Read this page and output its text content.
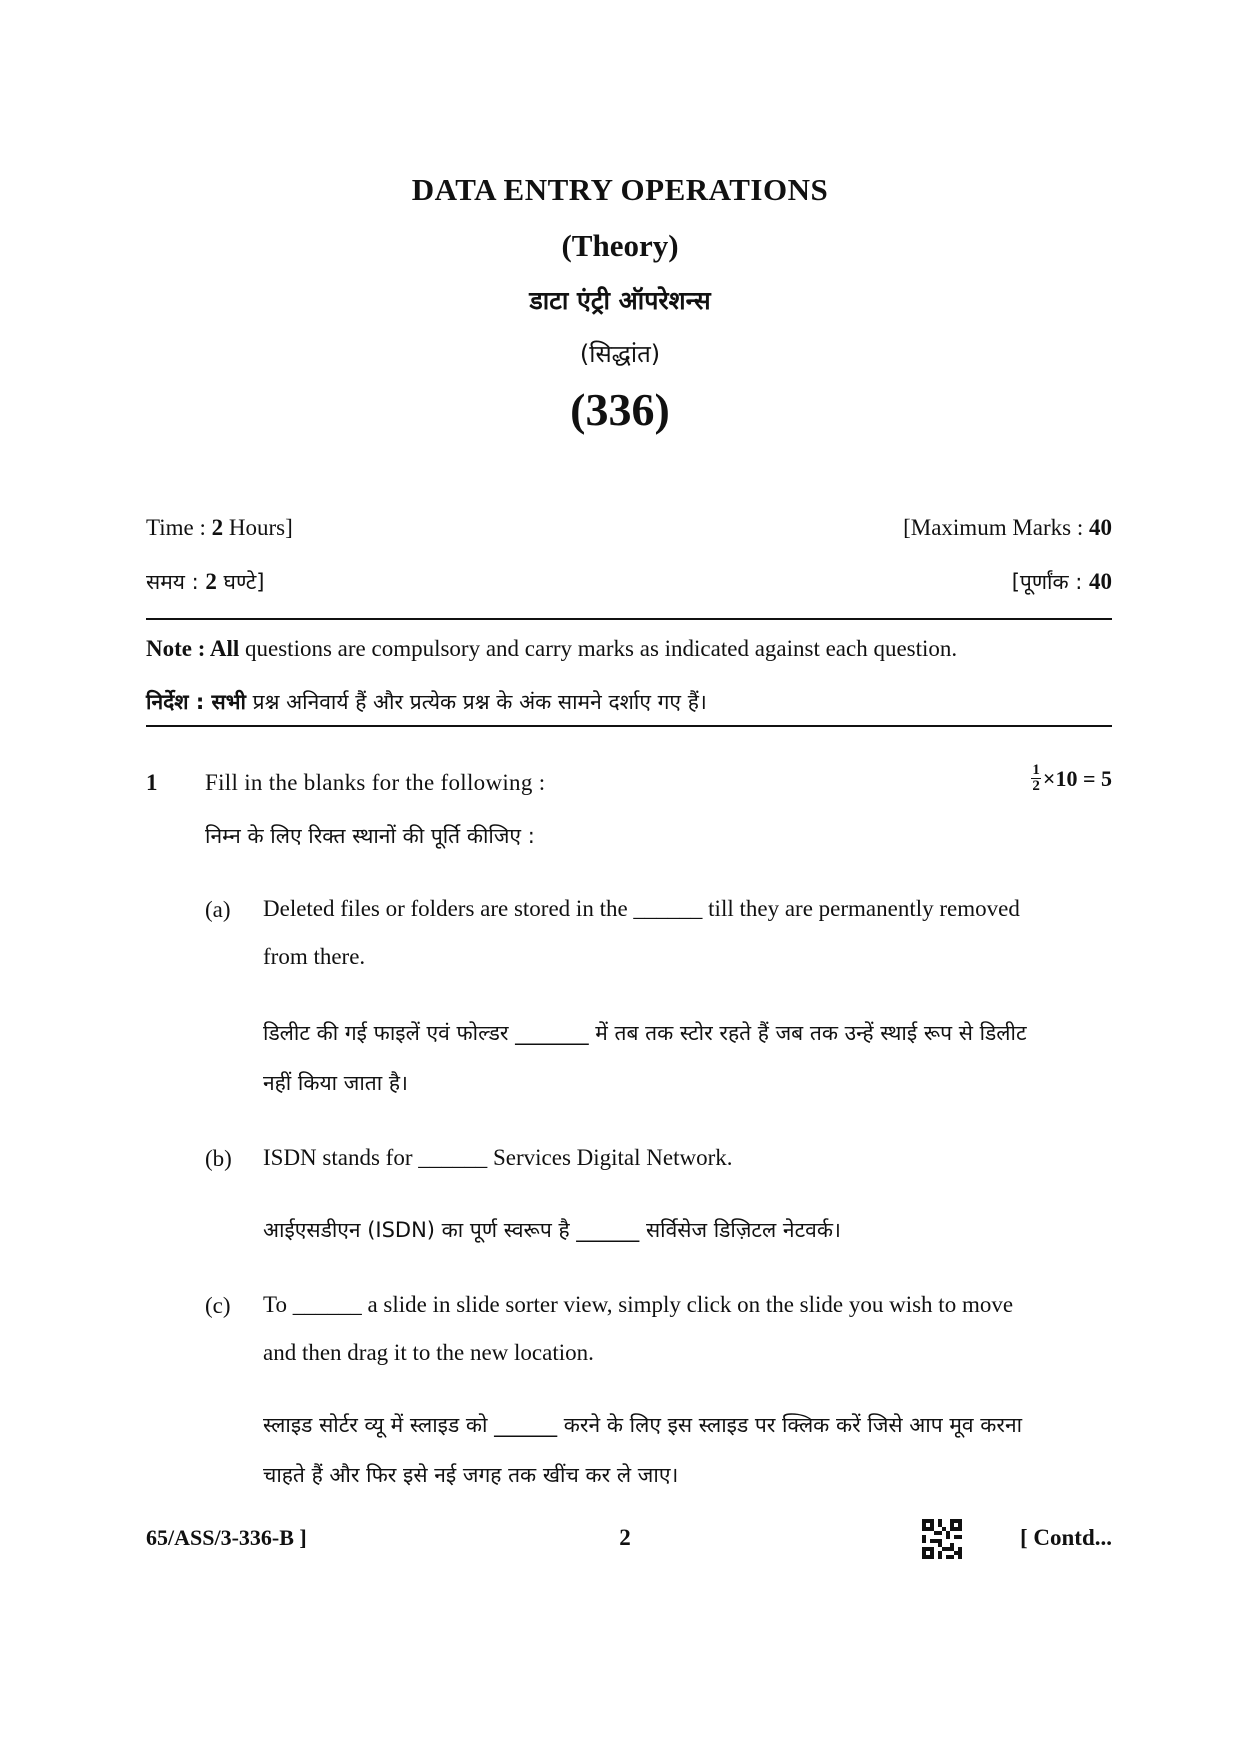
DATA ENTRY OPERATIONS
(Theory)
डाटा एंट्री ऑपरेशन्स
(सिद्धांत)
(336)
Time : 2 Hours]	[Maximum Marks : 40
समय : 2 घण्टे]	[पूर्णांक : 40
Note : All questions are compulsory and carry marks as indicated against each question.
निर्देश : सभी प्रश्न अनिवार्य हैं और प्रत्येक प्रश्न के अंक सामने दर्शाए गए हैं।
1 Fill in the blanks for the following :	$\frac{1}{2} \times 10 = 5$
निम्न के लिए रिक्त स्थानों की पूर्ति कीजिए :
(a) Deleted files or folders are stored in the ______ till they are permanently removed from there.
डिलीट की गई फाइलें एवं फोल्डर _______ में तब तक स्टोर रहते हैं जब तक उन्हें स्थाई रूप से डिलीट नहीं किया जाता है।
(b) ISDN stands for ______ Services Digital Network.
आईएसडीएन (ISDN) का पूर्ण स्वरूप है ______ सर्विसेज डिज़िटल नेटवर्क।
(c) To ______ a slide in slide sorter view, simply click on the slide you wish to move and then drag it to the new location.
स्लाइड सोर्टर व्यू में स्लाइड को ______ करने के लिए इस स्लाइड पर क्लिक करें जिसे आप मूव करना चाहते हैं और फिर इसे नई जगह तक खींच कर ले जाए।
65/ASS/3-336-B ]	2	[ Contd...
